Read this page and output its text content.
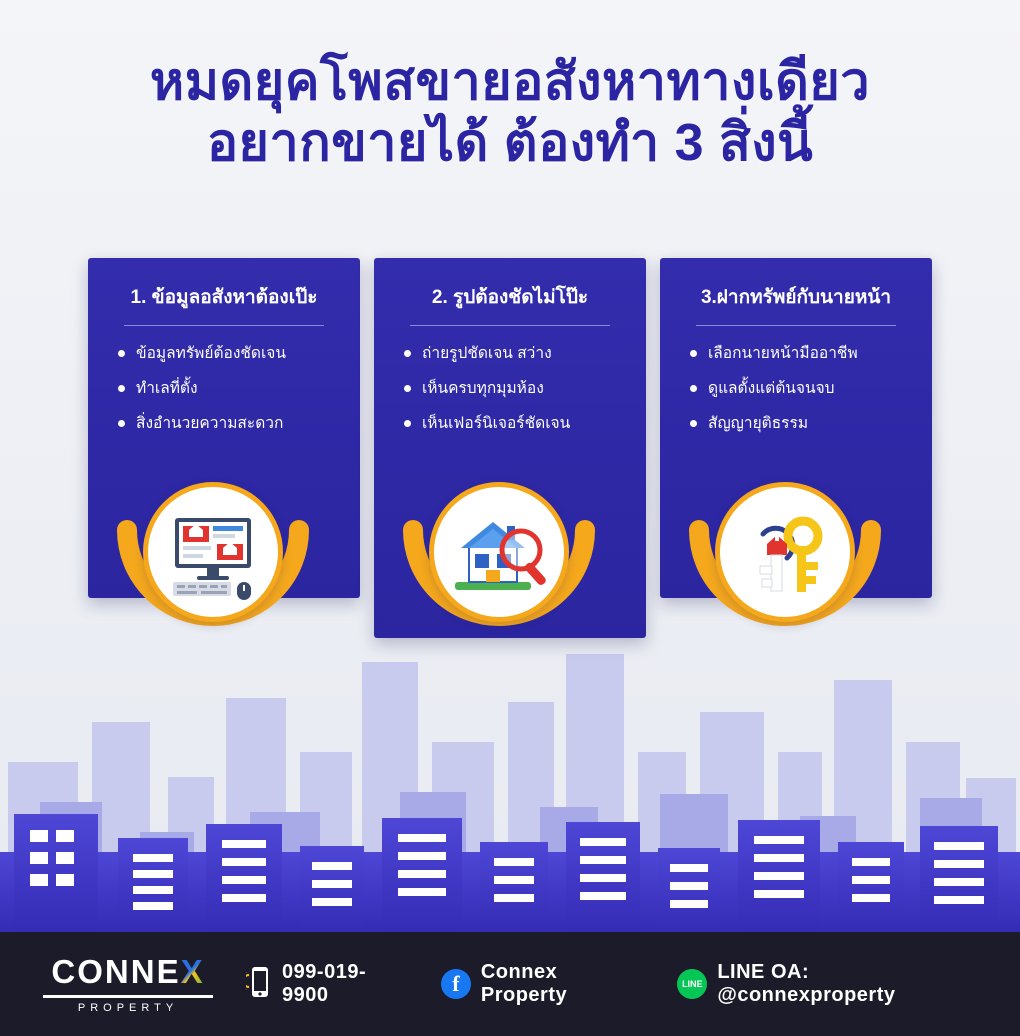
หมดยุคโพสขายอสังหาทางเดียว
อยากขายได้ ต้องทำ 3 สิ่งนี้
1. ข้อมูลอสังหาต้องเป๊ะ
ข้อมูลทรัพย์ต้องชัดเจน
ทำเลที่ตั้ง
สิ่งอำนวยความสะดวก
2. รูปต้องชัดไม่โป๊ะ
ถ่ายรูปชัดเจน สว่าง
เห็นครบทุกมุมห้อง
เห็นเฟอร์นิเจอร์ชัดเจน
3.ฝากทรัพย์กับนายหน้า
เลือกนายหน้ามืออาชีพ
ดูแลตั้งแต่ต้นจนจบ
สัญญายุติธรรม
CONNEX
PROPERTY
099-019-9900	f	Connex Property	LINE
LINE OA: @connexproperty
